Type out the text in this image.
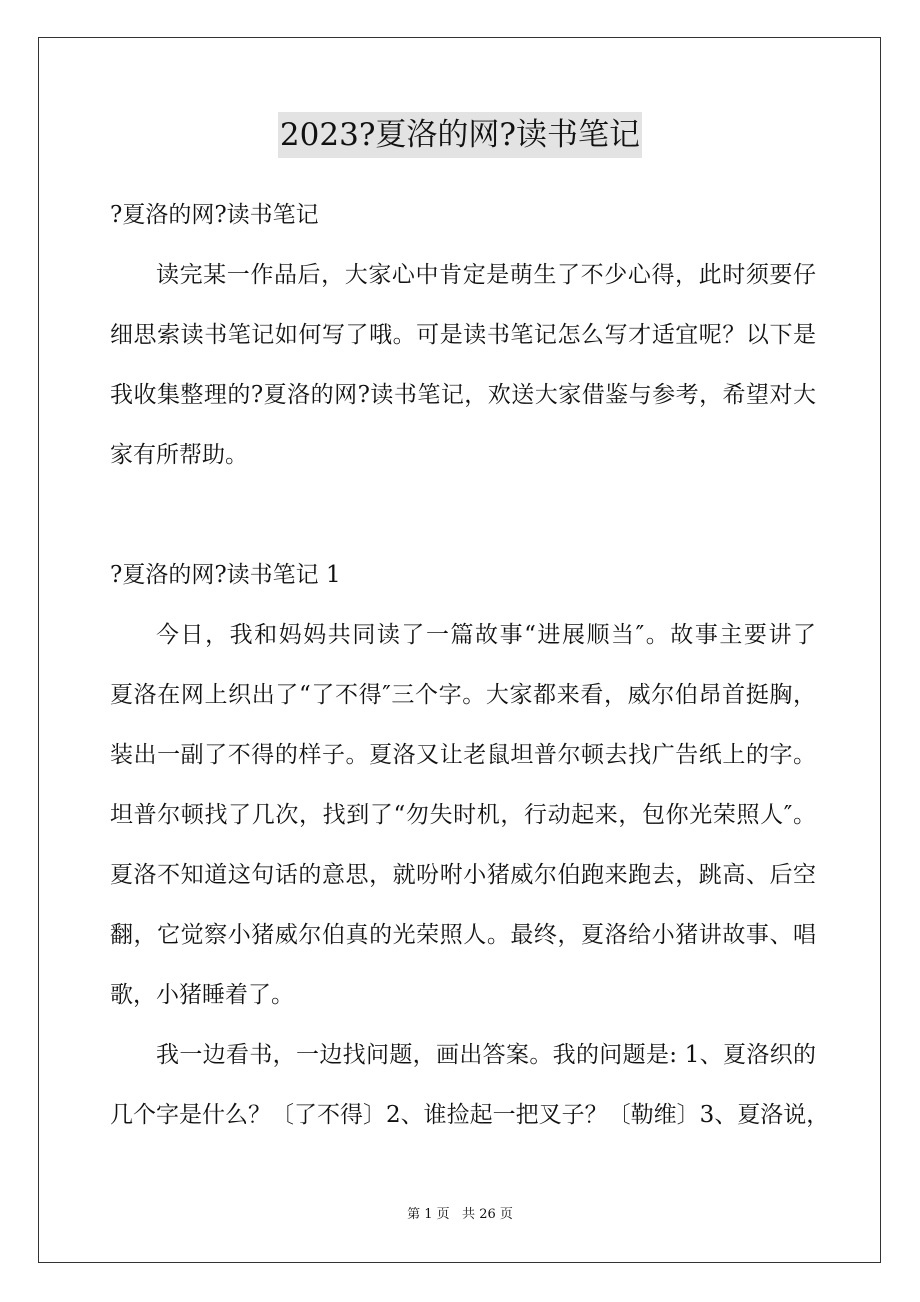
2023?夏洛的网?读书笔记
?夏洛的网?读书笔记
读完某一作品后，大家心中肯定是萌生了不少心得，此时须要仔
细思索读书笔记如何写了哦。可是读书笔记怎么写才适宜呢？以下是
我收集整理的?夏洛的网?读书笔记，欢送大家借鉴与参考，希望对大
家有所帮助。
?夏洛的网?读书笔记 1
今日，我和妈妈共同读了一篇故事“进展顺当″。故事主要讲了
夏洛在网上织出了“了不得″三个字。大家都来看，威尔伯昂首挺胸，
装出一副了不得的样子。夏洛又让老鼠坦普尔顿去找广告纸上的字。
坦普尔顿找了几次，找到了“勿失时机，行动起来，包你光荣照人″。
夏洛不知道这句话的意思，就吩咐小猪威尔伯跑来跑去，跳高、后空
翻，它觉察小猪威尔伯真的光荣照人。最终，夏洛给小猪讲故事、唱
歌，小猪睡着了。
我一边看书，一边找问题，画出答案。我的问题是: 1、夏洛织的
几个字是什么？〔了不得〕2、谁捡起一把叉子？〔勒维〕3、夏洛说，
第 1 页   共 26 页
